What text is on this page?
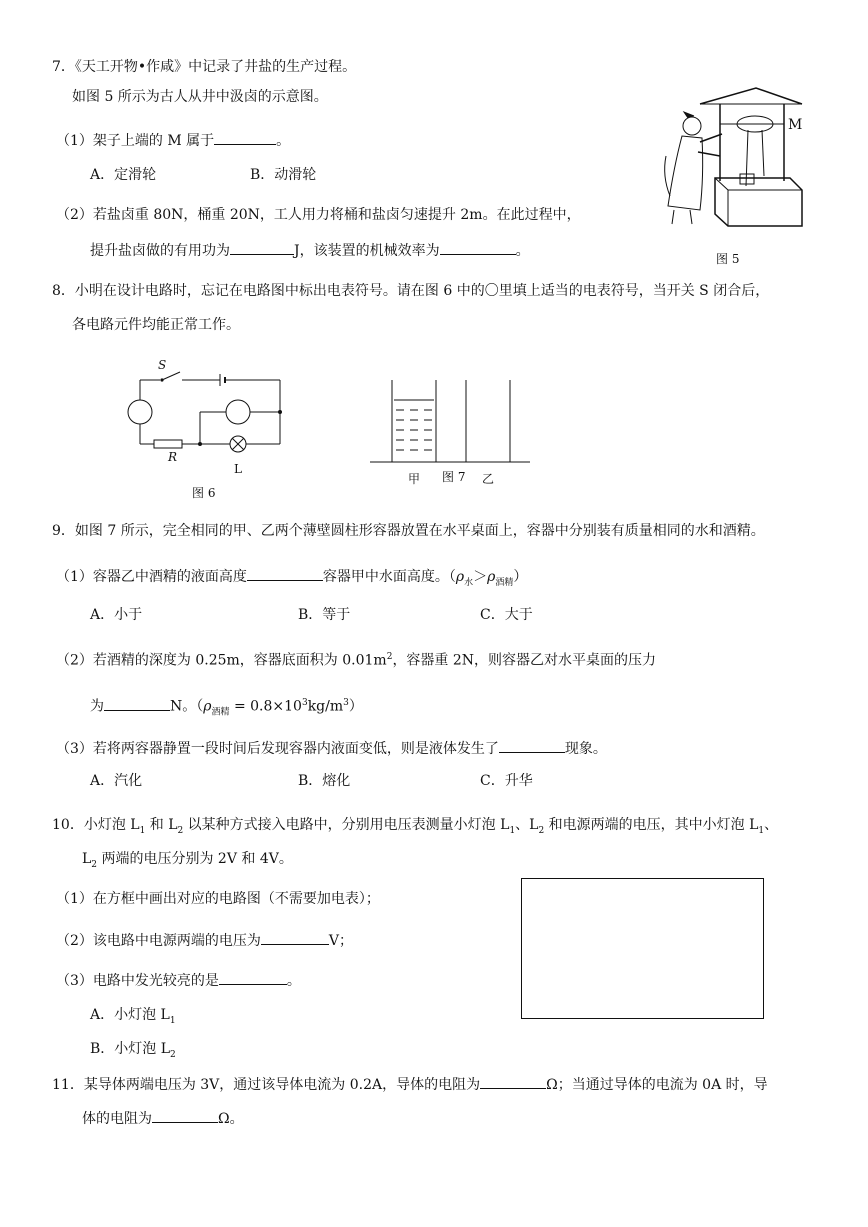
7．《天工开物•作咸》中记录了井盐的生产过程。
如图 5 所示为古人从井中汲卤的示意图。
（1）架子上端的 M 属于	。
A．定滑轮	B．动滑轮
（2）若盐卤重 80N，桶重 20N，工人用力将桶和盐卤匀速提升 2m。在此过程中，
提升盐卤做的有用功为	J，该装置的机械效率为	。
M
图 5
8．小明在设计电路时，忘记在电路图中标出电表符号。请在图 6 中的〇里填上适当的电表符号，当开关 S 闭合后，
各电路元件均能正常工作。
S
R
L
图 6
甲 图 7 乙
9．如图 7 所示，完全相同的甲、乙两个薄壁圆柱形容器放置在水平桌面上，容器中分别装有质量相同的水和酒精。
（1）容器乙中酒精的液面高度	容器甲中水面高度。$(\rho_水>\rho_{酒精})$
A．小于	B．等于	C．大于
（2）若酒精的深度为 0.25m，容器底面积为 $0.01m^2$，容器重 2N，则容器乙对水平桌面的压力
为	N。$(\rho_{酒精} = 0.8\times 10^3kg/m^3)$
（3）若将两容器静置一段时间后发现容器内液面变低，则是液体发生了	现象。
A．汽化	B．熔化	C．升华
10．小灯泡 $L_1$ 和 $L_2$ 以某种方式接入电路中，分别用电压表测量小灯泡 $L_1$、$L_2$ 和电源两端的电压，其中小灯泡 $L_1$、
$L_2$ 两端的电压分别为 2V 和 4V。
（1）在方框中画出对应的电路图（不需要加电表）；
（2）该电路中电源两端的电压为	V；
（3）电路中发光较亮的是	。
A．小灯泡 $L_1$
B．小灯泡 $L_2$
11．某导体两端电压为 3V，通过该导体电流为 0.2A，导体的电阻为	Ω；当通过导体的电流为 0A 时，导
体的电阻为	Ω。
